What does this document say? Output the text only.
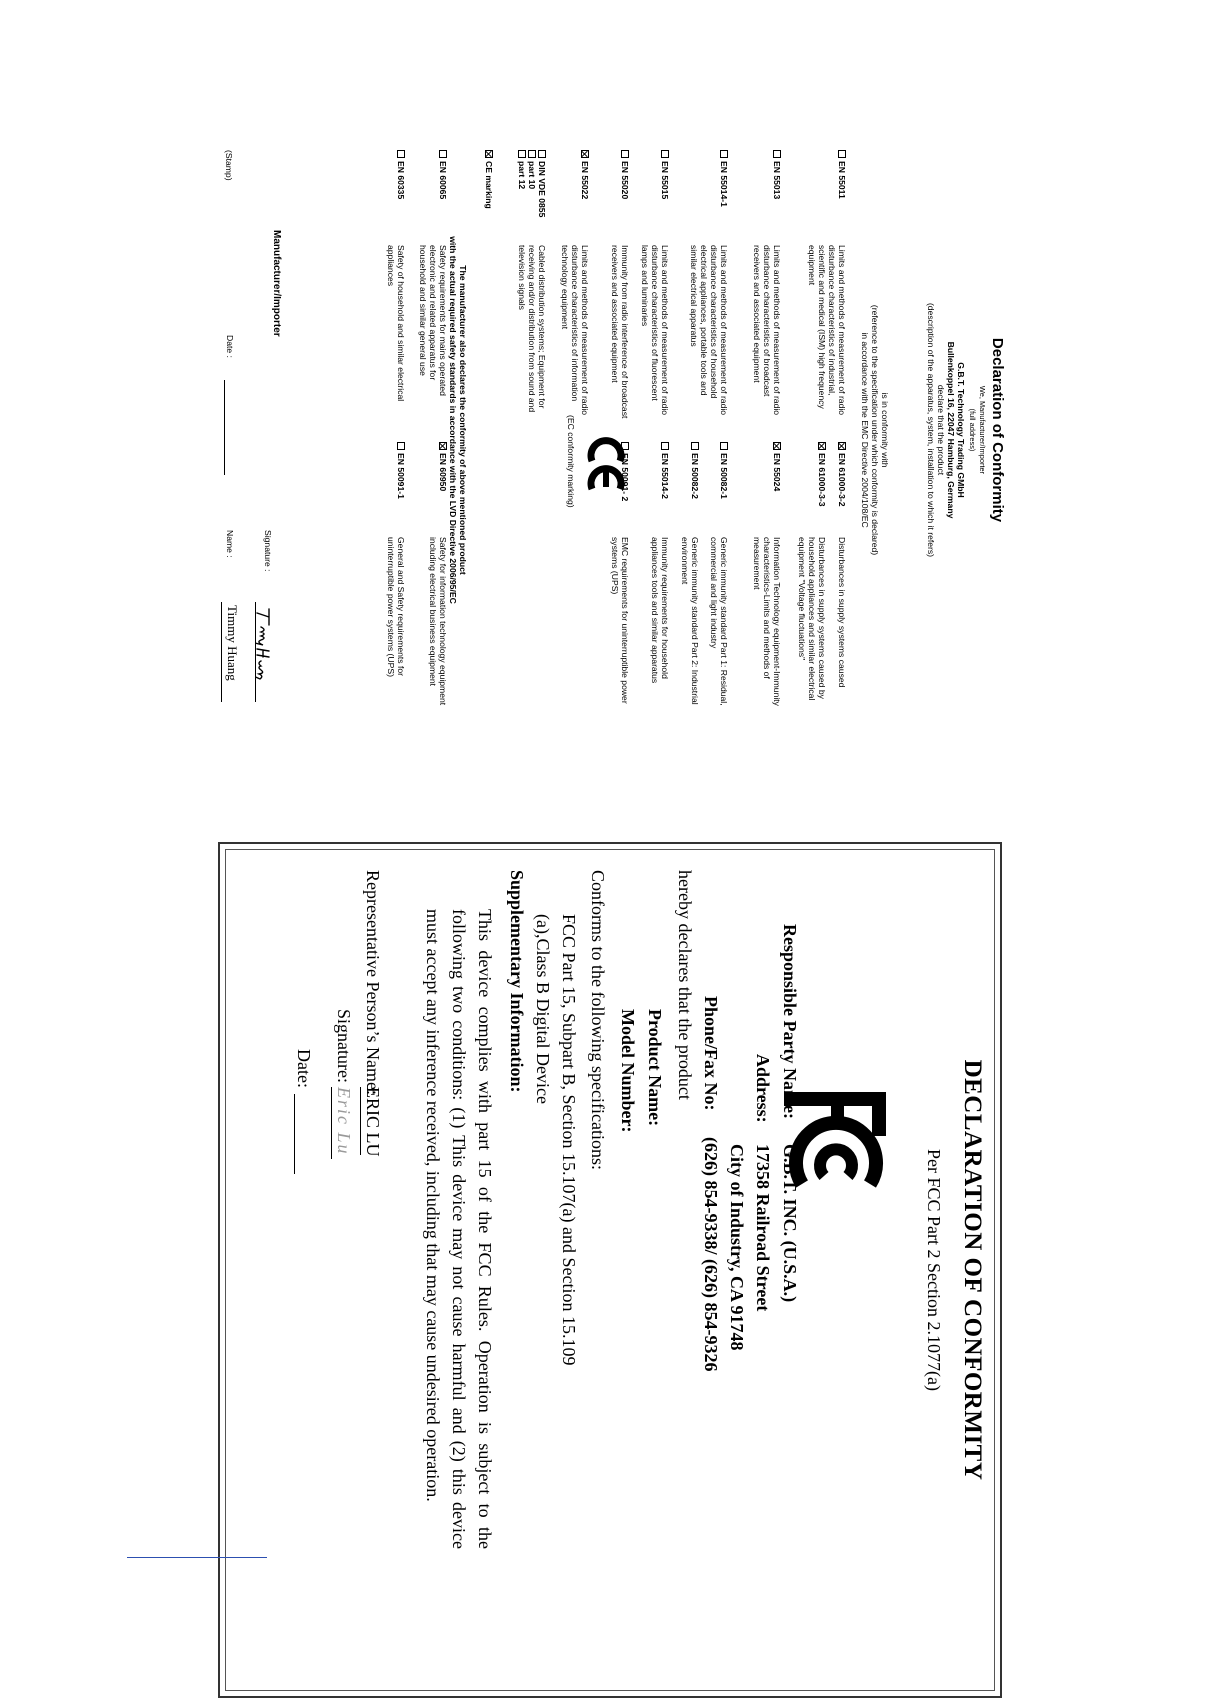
Declaration of Conformity
We, Manufacturer/Importer
(full address)
G.B.T. Technology Trading GMbH
Bullenkoppel 16, 22047 Hamburg, Germany
declare that the product
(description of the apparatus, system, installation to which it refers)
is in conformity with
(reference to the specification under which conformity is declared)
in accordance with the EMC Directive 2004/108/EC
EN 55011
Limits and methods of measurement of radio disturbance characteristics of industrial, scientific and medical (ISM) high frequency equipment
EN 55013
Limits and methods of measurement of radio disturbance characteristics of broadcast receivers and associated equipment
EN 55014-1
Limits and methods of measurement of radio disturbance characteristics of household electrical appliances, portable tools and similar electrical apparatus
EN 55015
Limits and methods of measurement of radio disturbance characteristics of fluorescent lamps and luminaries
EN 55020
Immunity from radio interference of broadcast receivers and associated equipment
EN 55022
Limits and methods of measurement of radio disturbance characteristics of information technology equipment
DIN VDE 0855
Cabled distribution systems; Equipment for receiving and/or distribution from sound and television signals
part 10
part 12
CE marking
EN 60065
Safety requirements for mains operated electronic and related apparatus for household and similar general use
EN 60335
Safety of household and similar electrical appliances
EN 61000-3-2
Disturbances in supply systems caused
EN 61000-3-3
Disturbances in supply systems caused by household appliances and similar electrical equipment "Voltage fluctuations"
EN 55024
Information Technology equipment-Immunity characteristics-Limits and methods of measurement
EN 50082-1
Generic immunity standard Part 1: Residual, commercial and light industry
EN 50082-2
Generic immunity standard Part 2: Industrial environment
EN 55014-2
Immunity requirements for household appliances tools and similar apparatus
EN 50091- 2
EMC requirements for uninterruptible power systems (UPS)
EN 60950
Safety for information technology equipment including electrical business equipment
EN 50091-1
General and Safety requirements for uninterruptible power systems (UPS)
(EC conformity marking)
The manufacturer also declares the conformity of above mentioned product
with the actual required safety standards in accordance with the LVD Directive 2006/95/EC
Manufacturer/Importer
Signature :
(Stamp)
Date :
Name :
Timmy Huang
DECLARATION OF CONFORMITY
Per FCC Part 2 Section 2.1077(a)
Responsible Party Name:
G.B.T. INC. (U.S.A.)
Address:
17358 Railroad Street
City of Industry, CA 91748
Phone/Fax No:
(626) 854-9338/ (626) 854-9326
hereby declares that the product
Product Name:
Model Number:
Conforms to the following specifications:
FCC Part 15, Subpart B, Section 15.107(a) and Section 15.109
(a),Class B Digital Device
Supplementary Information:
This device complies with part 15 of the FCC Rules. Operation is subject to the following two conditions: (1) This device may not cause harmful and (2) this device must accept any inference received, including that may cause undesired operation.
Representative Person’s Name:
ERIC LU
Signature:
Eric Lu
Date:
